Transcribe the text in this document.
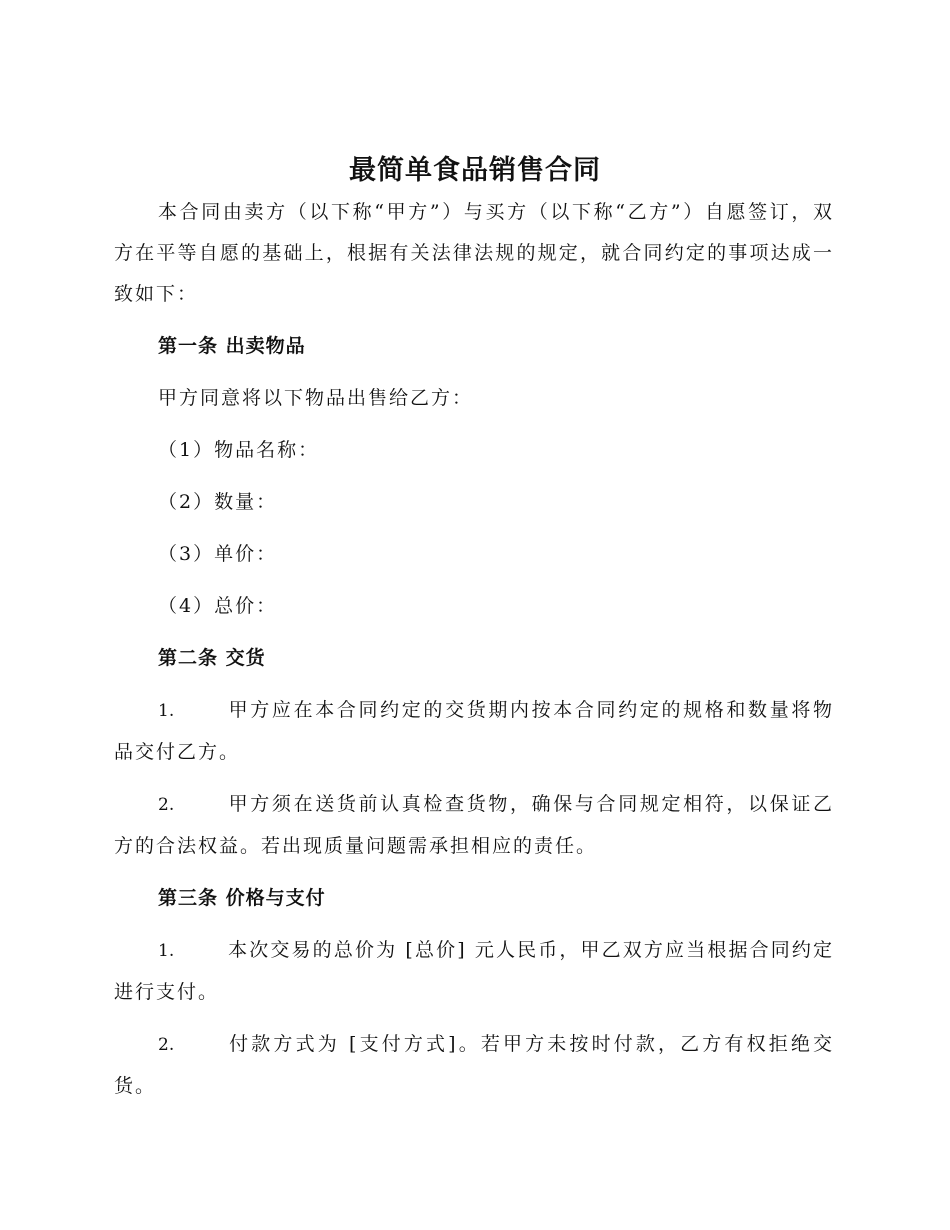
最简单食品销售合同

本合同由卖方（以下称“甲方”）与买方（以下称“乙方”）自愿签订，双方在平等自愿的基础上，根据有关法律法规的规定，就合同约定的事项达成一致如下：

第一条 出卖物品
甲方同意将以下物品出售给乙方：
（1）物品名称：
（2）数量：
（3）单价：
（4）总价：
第二条 交货

1.	甲方应在本合同约定的交货期内按本合同约定的规格和数量将物品交付乙方。

2.	甲方须在送货前认真检查货物，确保与合同规定相符，以保证乙方的合法权益。若出现质量问题需承担相应的责任。

第三条 价格与支付

1.	本次交易的总价为 [总价] 元人民币，甲乙双方应当根据合同约定进行支付。

2.	付款方式为 [支付方式]。若甲方未按时付款，乙方有权拒绝交货。
